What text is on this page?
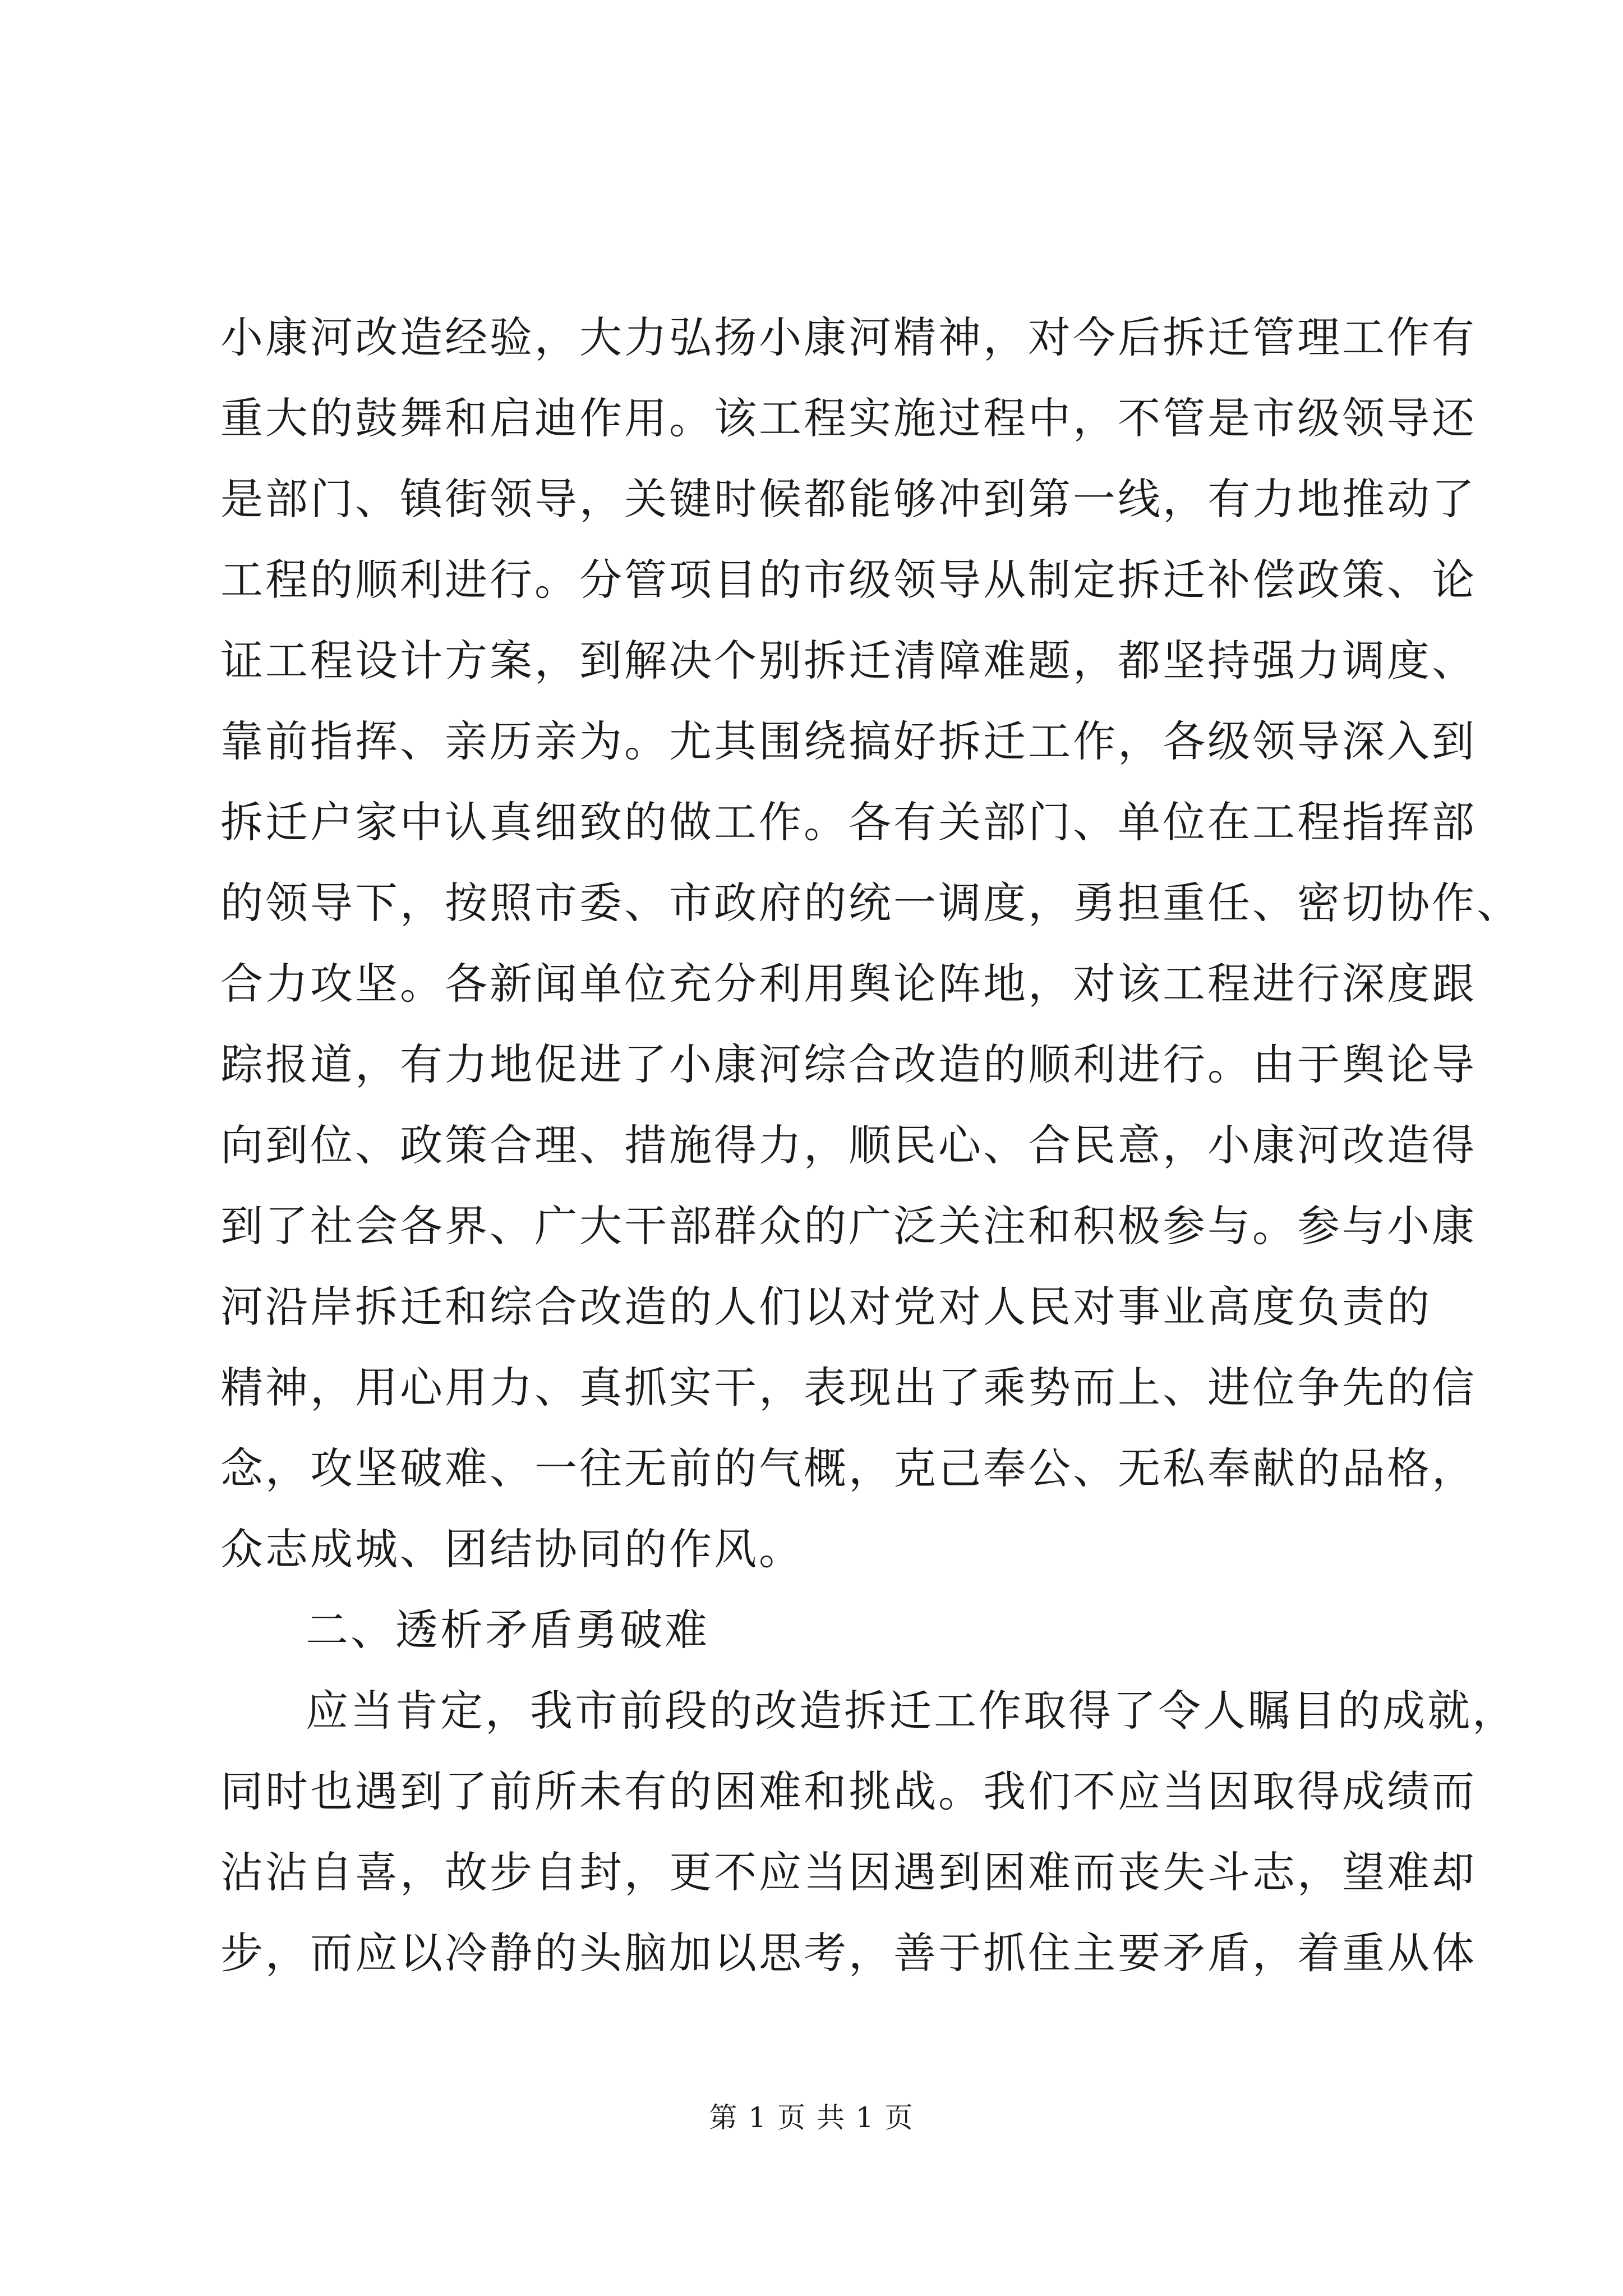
小康河改造经验，大力弘扬小康河精神，对今后拆迁管理工作有
重大的鼓舞和启迪作用。该工程实施过程中，不管是市级领导还
是部门、镇街领导，关键时候都能够冲到第一线，有力地推动了
工程的顺利进行。分管项目的市级领导从制定拆迁补偿政策、论
证工程设计方案，到解决个别拆迁清障难题，都坚持强力调度、
靠前指挥、亲历亲为。尤其围绕搞好拆迁工作，各级领导深入到
拆迁户家中认真细致的做工作。各有关部门、单位在工程指挥部
的领导下，按照市委、市政府的统一调度，勇担重任、密切协作、
合力攻坚。各新闻单位充分利用舆论阵地，对该工程进行深度跟
踪报道，有力地促进了小康河综合改造的顺利进行。由于舆论导
向到位、政策合理、措施得力，顺民心、合民意，小康河改造得
到了社会各界、广大干部群众的广泛关注和积极参与。参与小康
河沿岸拆迁和综合改造的人们以对党对人民对事业高度负责的
精神，用心用力、真抓实干，表现出了乘势而上、进位争先的信
念，攻坚破难、一往无前的气概，克己奉公、无私奉献的品格，
众志成城、团结协同的作风。
二、透析矛盾勇破难
应当肯定，我市前段的改造拆迁工作取得了令人瞩目的成就，
同时也遇到了前所未有的困难和挑战。我们不应当因取得成绩而
沾沾自喜，故步自封，更不应当因遇到困难而丧失斗志，望难却
步，而应以冷静的头脑加以思考，善于抓住主要矛盾，着重从体
第 1 页 共 1 页
